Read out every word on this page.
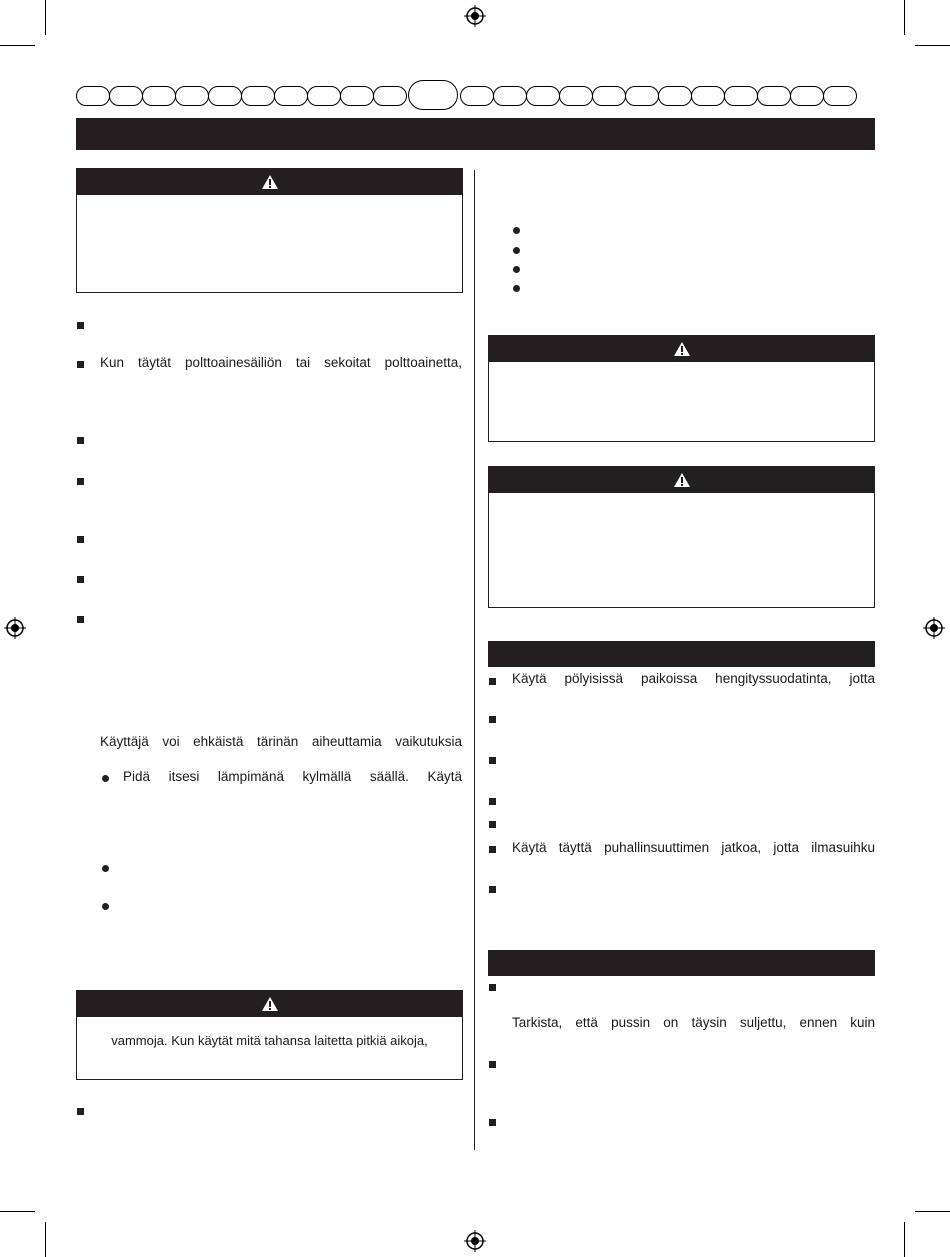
Kun täytät polttoainesäiliön tai sekoitat polttoainetta,
Käyttäjä voi ehkäistä tärinän aiheuttamia vaikutuksia
Pidä itsesi lämpimänä kylmällä säällä. Käytä
vammoja. Kun käytät mitä tahansa laitetta pitkiä aikoja,
Käytä pölyisissä paikoissa hengityssuodatinta, jotta
Käytä täyttä puhallinsuuttimen jatkoa, jotta ilmasuihku
Tarkista, että pussin on täysin suljettu, ennen kuin
